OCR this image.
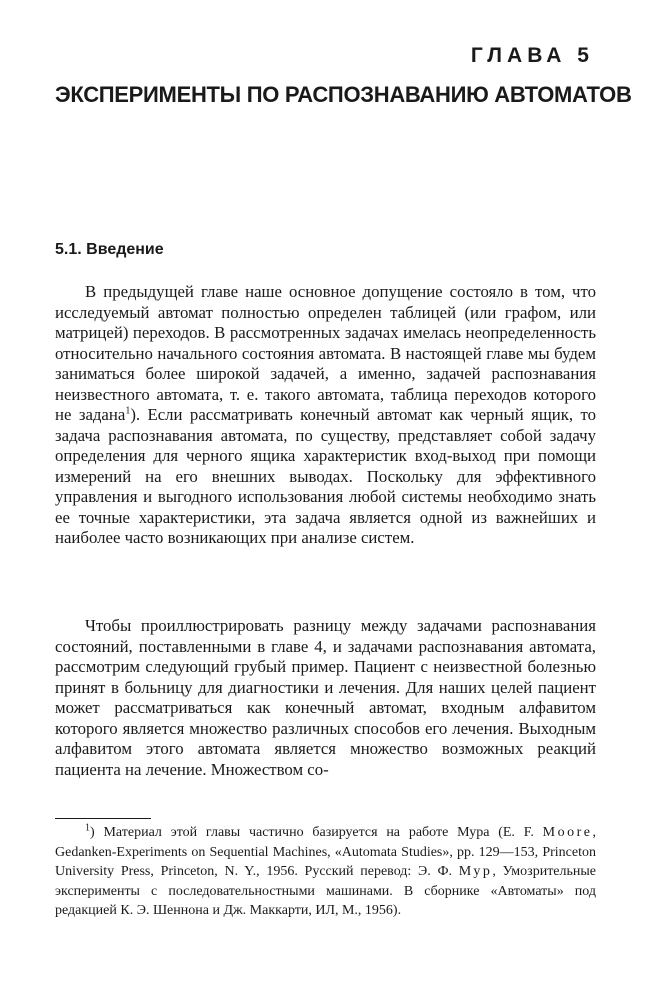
ГЛАВА 5
ЭКСПЕРИМЕНТЫ ПО РАСПОЗНАВАНИЮ АВТОМАТОВ
5.1. Введение

В предыдущей главе наше основное допущение состояло в том, что исследуемый автомат полностью определен таблицей (или графом, или матрицей) переходов. В рассмотренных задачах имелась неопределенность относительно начального состояния автомата. В настоящей главе мы будем заниматься более широкой задачей, а именно, задачей распознавания неизвестного автомата, т. е. такого автомата, таблица переходов которого не задана$^1$). Если рассматривать конечный автомат как черный ящик, то задача распознавания автомата, по существу, представляет собой задачу определения для черного ящика характеристик вход-выход при помощи измерений на его внешних выводах. Поскольку для эффективного управления и выгодного использования любой системы необходимо знать ее точные характеристики, эта задача является одной из важнейших и наиболее часто возникающих при анализе систем.

Чтобы проиллюстрировать разницу между задачами распознавания состояний, поставленными в главе 4, и задачами распознавания автомата, рассмотрим следующий грубый пример. Пациент с неизвестной болезнью принят в больницу для диагностики и лечения. Для наших целей пациент может рассматриваться как конечный автомат, входным алфавитом которого является множество различных способов его лечения. Выходным алфавитом этого автомата является множество возможных реакций пациента на лечение. Множеством со-

$^1$) Материал этой главы частично базируется на работе Мура (E. F. Moore, Gedanken-Experiments on Sequential Machines, «Automata Studies», pp. 129—153, Princeton University Press, Princeton, N. Y., 1956. Русский перевод: Э. Ф. Мур, Умозрительные эксперименты с последовательностными машинами. В сборнике «Автоматы» под редакцией К. Э. Шеннона и Дж. Маккарти, ИЛ, М., 1956).
